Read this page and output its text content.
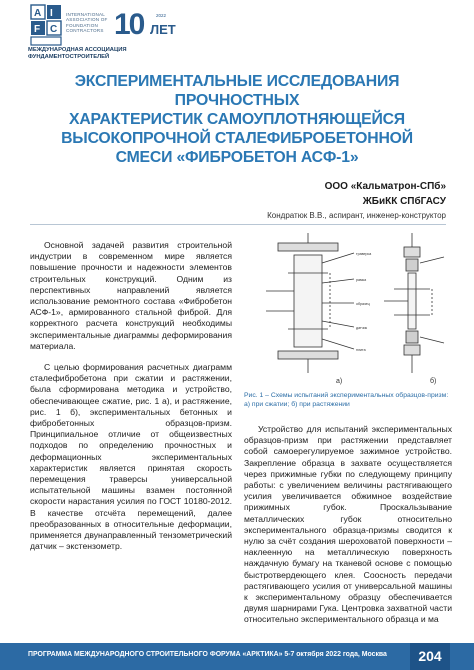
A I
F C
INTERNATIONAL
ASSOCIATION OF
FOUNDATION
CONTRACTORS 10	2022
ЛЕТ
МЕЖДУНАРОДНАЯ АССОЦИАЦИЯ
ФУНДАМЕНТОСТРОИТЕЛЕЙ
ЭКСПЕРИМЕНТАЛЬНЫЕ ИССЛЕДОВАНИЯ ПРОЧНОСТНЫХ
ХАРАКТЕРИСТИК САМОУПЛОТНЯЮЩЕЙСЯ
ВЫСОКОПРОЧНОЙ СТАЛЕФИБРОБЕТОННОЙ
СМЕСИ «ФИБРОБЕТОН АСФ-1»
ООО «Кальматрон-СПб»
ЖБиКК СПбГАСУ
Кондратюк В.В., аспирант, инженер-конструктор

Основной задачей развития строительной индустрии в современном мире является повышение прочности и надежности элементов строительных конструкций. Одним из перспективных направлений является использование ремонтного состава «Фибробетон АСФ-1», армированного стальной фиброй. Для корректного расчета конструкций необходимы экспериментальные диаграммы деформирования материала.

С целью формирования расчетных диаграмм сталефибробетона при сжатии и растяжении, была сформирована методика и устройство, обеспечивающее сжатие, рис. 1 а), и растяжение, рис. 1 б), экспериментальных бетонных и фибробетонных образцов-призм. Принципиальное отличие от общеизвестных подходов по определению прочностных и деформационных экспериментальных характеристик является принятая скорость перемещения траверсы универсальной испытательной машины взамен постоянной скорости нарастания усилия по ГОСТ 10180-2012. В качестве отсчёта перемещений, далее преобразованных в относительные деформации, применяется двунаправленный тензометрический датчик – экстензометр.

траверса
рамка
образец
датчик
плита
а)	б)
Рис. 1 – Схемы испытаний экспериментальных образцов-призм: а) при сжатии; б) при растяжении

Устройство для испытаний экспериментальных образцов-призм при растяжении представляет собой самоерегулируемое зажимное устройство. Закрепление образца в захвате осуществляется через прижимные губки по следующему принципу работы: с увеличением величины растягивающего усилия увеличивается обжимное воздействие прижимных губок. Проскальзывание металлических губок относительно экспериментального образца-призмы сводится к нулю за счёт создания шероховатой поверхности – наклеенную на металлическую поверхность наждачную бумагу на тканевой основе с помощью быстротвердеющего клея. Соосность передачи растягивающего усилия от универсальной машины к экспериментальному образцу обеспечивается двумя шарнирами Гука. Центровка захватной части относительно экспериментального образца и ма

ПРОГРАММА МЕЖДУНАРОДНОГО СТРОИТЕЛЬНОГО ФОРУМА «АРКТИКА» 5-7 октября 2022 года, Москва	204
